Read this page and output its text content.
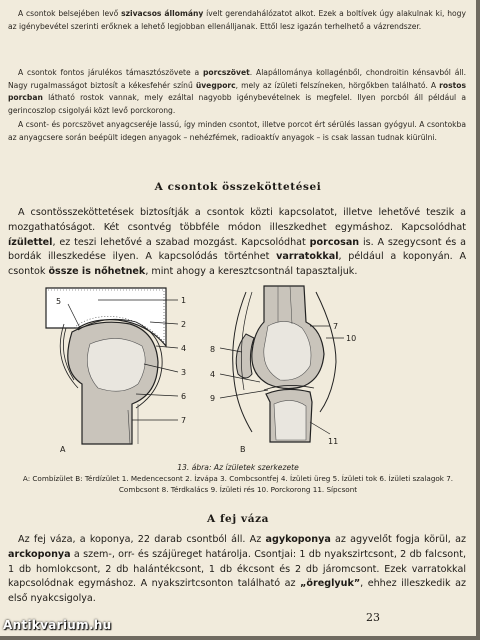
A csontok belsejében levő szivacsos állomány ívelt gerendahálózatot alkot. Ezek a boltívek úgy alakulnak ki, hogy az igénybevétel szerinti erőknek a lehető legjobban ellenálljanak. Ettől lesz igazán terhelhető a vázrendszer.

A csontok fontos járulékos támasztószövete a porcszövet. Alapállománya kollagénből, chondroitin kénsavból áll. Nagy rugalmasságot biztosít a kékesfehér színű üvegporc, mely az ízületi felszíneken, hörgőkben található. A rostos porcban látható rostok vannak, mely ezáltal nagyobb igénybevételnek is megfelel. Ilyen porcból áll például a gerincoszlop csigolyái közt levő porckorong.

A csont- és porcszövet anyagcseréje lassú, így minden csontot, illetve porcot ért sérülés lassan gyógyul. A csontokba az anyagcsere során beépült idegen anyagok – nehézfémek, radioaktív anyagok – is csak lassan tudnak kiürülni.

A csontok összeköttetései

A csontösszeköttetések biztosítják a csontok közti kapcsolatot, illetve lehetővé teszik a mozgathatóságot. Két csontvég többféle módon illeszkedhet egymáshoz. Kapcsolódhat ízülettel, ez teszi lehetővé a szabad mozgást. Kapcsolódhat porcosan is. A szegycsont és a bordák illeszkedése ilyen. A kapcsolódás történhet varratokkal, például a koponyán. A csontok össze is nőhetnek, mint ahogy a keresztcsontnál tapasztaljuk.

5	1
2
4
3
6
7
A
7
10
8
4
9
11
B
13. ábra: Az ízületek szerkezete
A: Combízület B: Térdízület 1. Medencecsont 2. Ízvápa 3. Combcsontfej 4. Ízületi üreg 5. Ízületi tok 6. Ízületi szalagok 7. Combcsont 8. Térdkalács 9. Ízületi rés 10. Porckorong 11. Sípcsont
A fej váza

Az fej váza, a koponya, 22 darab csontból áll. Az agykoponya az agyvelőt fogja körül, az arckoponya a szem-, orr- és szájüreget határolja. Csontjai: 1 db nyakszirtcsont, 2 db falcsont, 1 db homlokcsont, 2 db halántékcsont, 1 db ékcsont és 2 db járomcsont. Ezek varratokkal kapcsolódnak egymáshoz. A nyakszirtcsonton található az „öreglyuk”, ehhez illeszkedik az első nyakcsigolya.

23
Antikvarium.hu
